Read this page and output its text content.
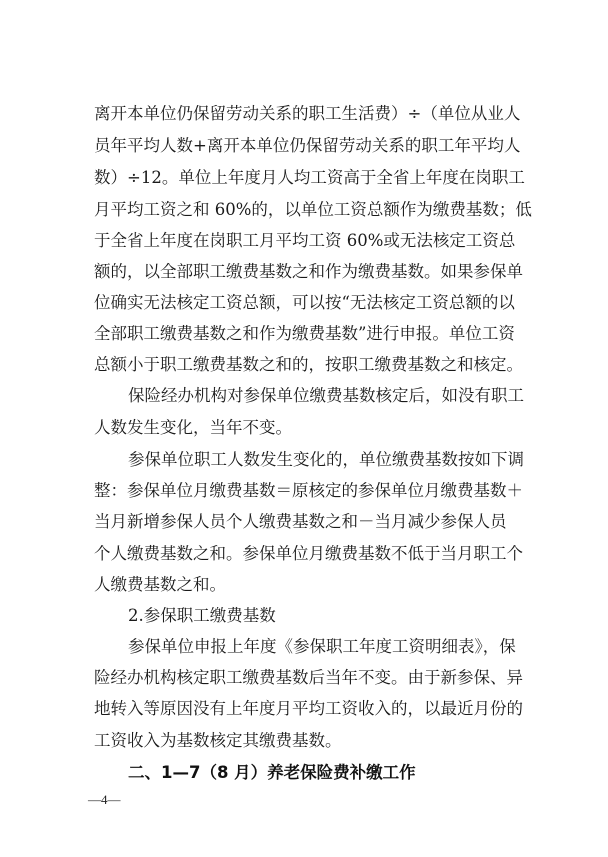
离开本单位仍保留劳动关系的职工生活费）÷（单位从业人
员年平均人数+离开本单位仍保留劳动关系的职工年平均人
数）÷12。单位上年度月人均工资高于全省上年度在岗职工
月平均工资之和 60%的，以单位工资总额作为缴费基数；低
于全省上年度在岗职工月平均工资 60%或无法核定工资总
额的，以全部职工缴费基数之和作为缴费基数。如果参保单
位确实无法核定工资总额，可以按“无法核定工资总额的以
全部职工缴费基数之和作为缴费基数”进行申报。单位工资
总额小于职工缴费基数之和的，按职工缴费基数之和核定。
保险经办机构对参保单位缴费基数核定后，如没有职工
人数发生变化，当年不变。
参保单位职工人数发生变化的，单位缴费基数按如下调
整：参保单位月缴费基数＝原核定的参保单位月缴费基数＋
当月新增参保人员个人缴费基数之和－当月减少参保人员
个人缴费基数之和。参保单位月缴费基数不低于当月职工个
人缴费基数之和。
2.参保职工缴费基数
参保单位申报上年度《参保职工年度工资明细表》，保
险经办机构核定职工缴费基数后当年不变。由于新参保、异
地转入等原因没有上年度月平均工资收入的，以最近月份的
工资收入为基数核定其缴费基数。
二、1—7（8 月）养老保险费补缴工作
—4—
